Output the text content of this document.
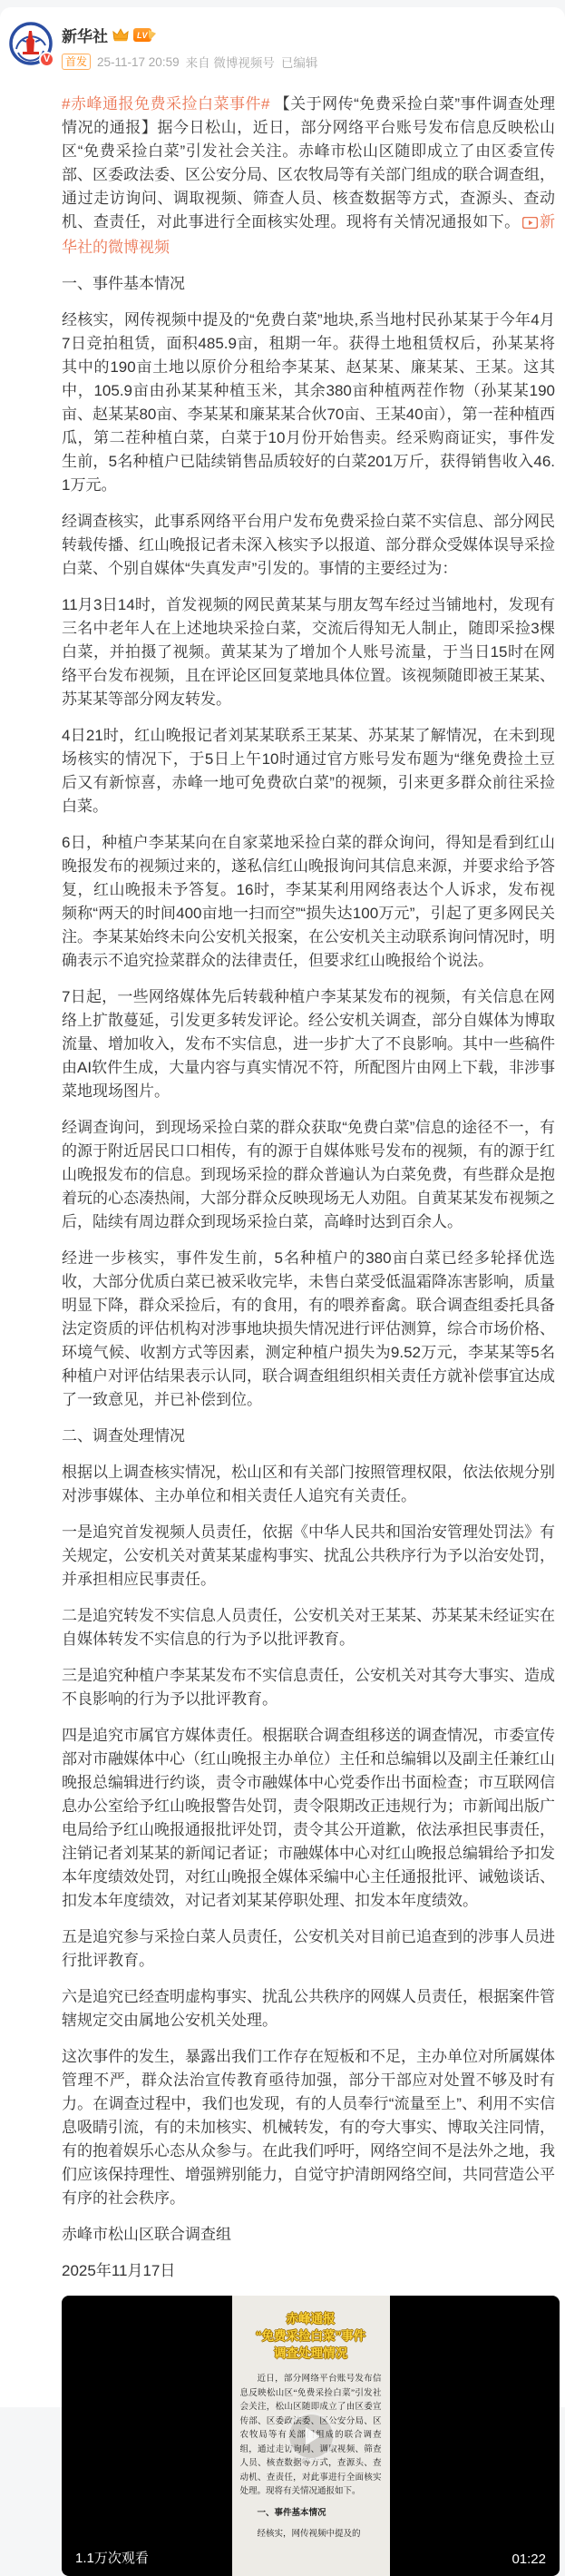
V
新华社	LV
首发 25-11-17 20:59 来自 微博视频号 已编辑

#赤峰通报免费采捡白菜事件# 【关于网传“免费采捡白菜”事件调查处理情况的通报】据今日松山，近日，部分网络平台账号发布信息反映松山区“免费采捡白菜”引发社会关注。赤峰市松山区随即成立了由区委宣传部、区委政法委、区公安分局、区农牧局等有关部门组成的联合调查组，通过走访询问、调取视频、筛查人员、核查数据等方式，查源头、查动机、查责任，对此事进行全面核实处理。现将有关情况通报如下。 新华社的微博视频

一、事件基本情况

经核实，网传视频中提及的“免费白菜”地块,系当地村民孙某某于今年4月7日竞拍租赁，面积485.9亩，租期一年。获得土地租赁权后，孙某某将其中的190亩土地以原价分租给李某某、赵某某、廉某某、王某。这其中，105.9亩由孙某某种植玉米，其余380亩种植两茬作物（孙某某190亩、赵某某80亩、李某某和廉某某合伙70亩、王某40亩），第一茬种植西瓜，第二茬种植白菜，白菜于10月份开始售卖。经采购商证实，事件发生前，5名种植户已陆续销售品质较好的白菜201万斤，获得销售收入46.1万元。

经调查核实，此事系网络平台用户发布免费采捡白菜不实信息、部分网民转载传播、红山晚报记者未深入核实予以报道、部分群众受媒体误导采捡白菜、个别自媒体“失真发声”引发的。事情的主要经过为：

11月3日14时，首发视频的网民黄某某与朋友驾车经过当铺地村，发现有三名中老年人在上述地块采捡白菜，交流后得知无人制止，随即采捡3棵白菜，并拍摄了视频。黄某某为了增加个人账号流量，于当日15时在网络平台发布视频，且在评论区回复菜地具体位置。该视频随即被王某某、苏某某等部分网友转发。

4日21时，红山晚报记者刘某某联系王某某、苏某某了解情况，在未到现场核实的情况下，于5日上午10时通过官方账号发布题为“继免费捡土豆后又有新惊喜，赤峰一地可免费砍白菜”的视频，引来更多群众前往采捡白菜。

6日，种植户李某某向在自家菜地采捡白菜的群众询问，得知是看到红山晚报发布的视频过来的，遂私信红山晚报询问其信息来源，并要求给予答复，红山晚报未予答复。16时，李某某利用网络表达个人诉求，发布视频称“两天的时间400亩地一扫而空”“损失达100万元”，引起了更多网民关注。李某某始终未向公安机关报案，在公安机关主动联系询问情况时，明确表示不追究捡菜群众的法律责任，但要求红山晚报给个说法。

7日起，一些网络媒体先后转载种植户李某某发布的视频，有关信息在网络上扩散蔓延，引发更多转发评论。经公安机关调查，部分自媒体为博取流量、增加收入，发布不实信息，进一步扩大了不良影响。其中一些稿件由AI软件生成，大量内容与真实情况不符，所配图片由网上下载，非涉事菜地现场图片。

经调查询问，到现场采捡白菜的群众获取“免费白菜”信息的途径不一，有的源于附近居民口口相传，有的源于自媒体账号发布的视频，有的源于红山晚报发布的信息。到现场采捡的群众普遍认为白菜免费，有些群众是抱着玩的心态凑热闹，大部分群众反映现场无人劝阻。自黄某某发布视频之后，陆续有周边群众到现场采捡白菜，高峰时达到百余人。

经进一步核实，事件发生前，5名种植户的380亩白菜已经多轮择优选收，大部分优质白菜已被采收完毕，未售白菜受低温霜降冻害影响，质量明显下降，群众采捡后，有的食用，有的喂养畜禽。联合调查组委托具备法定资质的评估机构对涉事地块损失情况进行评估测算，综合市场价格、环境气候、收割方式等因素，测定种植户损失为9.52万元，李某某等5名种植户对评估结果表示认同，联合调查组组织相关责任方就补偿事宜达成了一致意见，并已补偿到位。

二、调查处理情况

根据以上调查核实情况，松山区和有关部门按照管理权限，依法依规分别对涉事媒体、主办单位和相关责任人追究有关责任。

一是追究首发视频人员责任，依据《中华人民共和国治安管理处罚法》有关规定，公安机关对黄某某虚构事实、扰乱公共秩序行为予以治安处罚，并承担相应民事责任。

二是追究转发不实信息人员责任，公安机关对王某某、苏某某未经证实在自媒体转发不实信息的行为予以批评教育。

三是追究种植户李某某发布不实信息责任，公安机关对其夸大事实、造成不良影响的行为予以批评教育。

四是追究市属官方媒体责任。根据联合调查组移送的调查情况，市委宣传部对市融媒体中心（红山晚报主办单位）主任和总编辑以及副主任兼红山晚报总编辑进行约谈，责令市融媒体中心党委作出书面检查；市互联网信息办公室给予红山晚报警告处罚，责令限期改正违规行为；市新闻出版广电局给予红山晚报通报批评处罚，责令其公开道歉，依法承担民事责任，注销记者刘某某的新闻记者证；市融媒体中心对红山晚报总编辑给予扣发本年度绩效处罚，对红山晚报全媒体采编中心主任通报批评、诫勉谈话、扣发本年度绩效，对记者刘某某停职处理、扣发本年度绩效。

五是追究参与采捡白菜人员责任，公安机关对目前已追查到的涉事人员进行批评教育。

六是追究已经查明虚构事实、扰乱公共秩序的网媒人员责任，根据案件管辖规定交由属地公安机关处理。

这次事件的发生，暴露出我们工作存在短板和不足，主办单位对所属媒体管理不严，群众法治宣传教育亟待加强，部分干部应对处置不够及时有力。在调查过程中，我们也发现，有的人员奉行“流量至上”、利用不实信息吸睛引流，有的未加核实、机械转发，有的夸大事实、博取关注同情，有的抱着娱乐心态从众参与。在此我们呼吁，网络空间不是法外之地，我们应该保持理性、增强辨别能力，自觉守护清朗网络空间，共同营造公平有序的社会秩序。

赤峰市松山区联合调查组

2025年11月17日

赤峰通报
“免费采捡白菜”事件
调查处理情况

近日，部分网络平台账号发布信息反映松山区“免费采捡白菜”引发社会关注，松山区随即成立了由区委宣传部、区委政法委、区公安分局、区农牧局等有关部门组成的联合调查组，通过走访询问、调取视频、筛查人员、核查数据等方式，查源头、查动机、查责任，对此事进行全面核实处理。现将有关情况通报如下。

一、事件基本情况

经核实，网传视频中提及的

1.1万次观看	01:22
